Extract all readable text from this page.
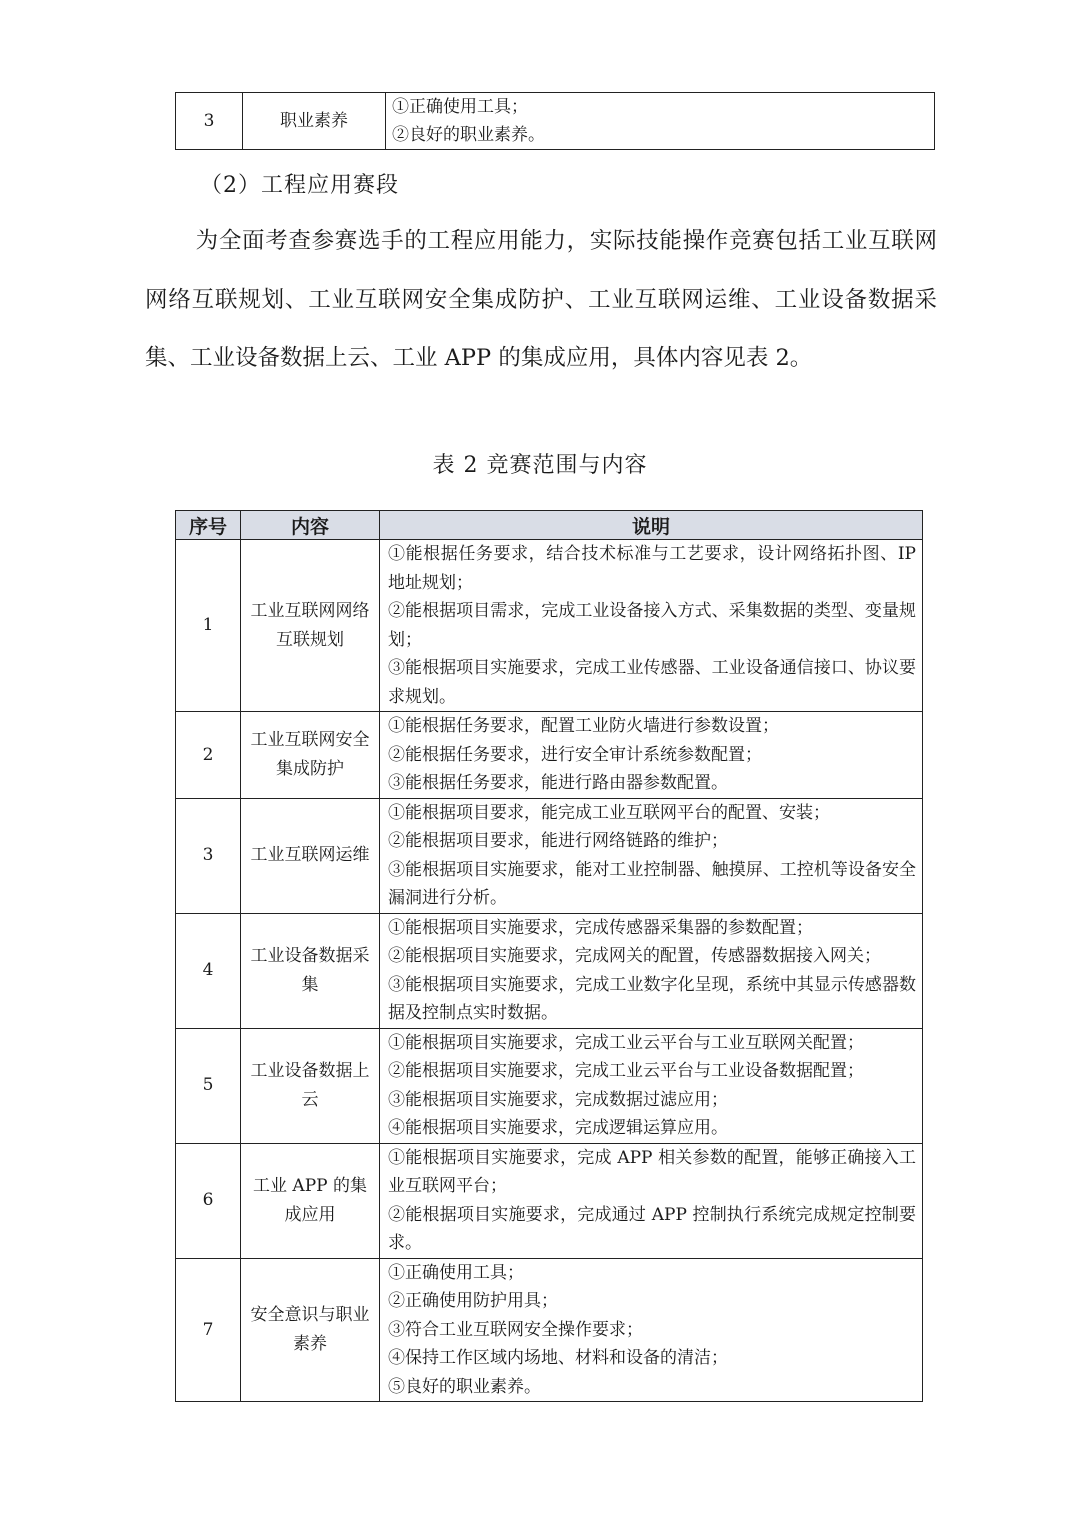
3	职业素养	
①正确使用工具；
②良好的职业素养。
（2）工程应用赛段
为全面考查参赛选手的工程应用能力，实际技能操作竞赛包括工业互联网网络互联规划、工业互联网安全集成防护、工业互联网运维、工业设备数据采集、工业设备数据上云、工业 APP 的集成应用，具体内容见表 2。
表 2 竞赛范围与内容
序号	内容	说明
1	工业互联网网络互联规划	①能根据任务要求，结合技术标准与工艺要求，设计网络拓扑图、IP 地址规划；
②能根据项目需求，完成工业设备接入方式、采集数据的类型、变量规划；
③能根据项目实施要求，完成工业传感器、工业设备通信接口、协议要求规划。

2	工业互联网安全集成防护	①能根据任务要求，配置工业防火墙进行参数设置；
②能根据任务要求，进行安全审计系统参数配置；
③能根据任务要求，能进行路由器参数配置。

3	工业互联网运维	①能根据项目要求，能完成工业互联网平台的配置、安装；
②能根据项目要求，能进行网络链路的维护；
③能根据项目实施要求，能对工业控制器、触摸屏、工控机等设备安全漏洞进行分析。

4	工业设备数据采集	①能根据项目实施要求，完成传感器采集器的参数配置；
②能根据项目实施要求，完成网关的配置，传感器数据接入网关；
③能根据项目实施要求，完成工业数字化呈现，系统中其显示传感器数据及控制点实时数据。

5	工业设备数据上云	①能根据项目实施要求，完成工业云平台与工业互联网关配置；
②能根据项目实施要求，完成工业云平台与工业设备数据配置；
③能根据项目实施要求，完成数据过滤应用；
④能根据项目实施要求，完成逻辑运算应用。

6	工业 APP 的集成应用	①能根据项目实施要求，完成 APP 相关参数的配置，能够正确接入工业互联网平台；
②能根据项目实施要求，完成通过 APP 控制执行系统完成规定控制要求。

7	安全意识与职业素养	①正确使用工具；
②正确使用防护用具；
③符合工业互联网安全操作要求；
④保持工作区域内场地、材料和设备的清洁；
⑤良好的职业素养。
